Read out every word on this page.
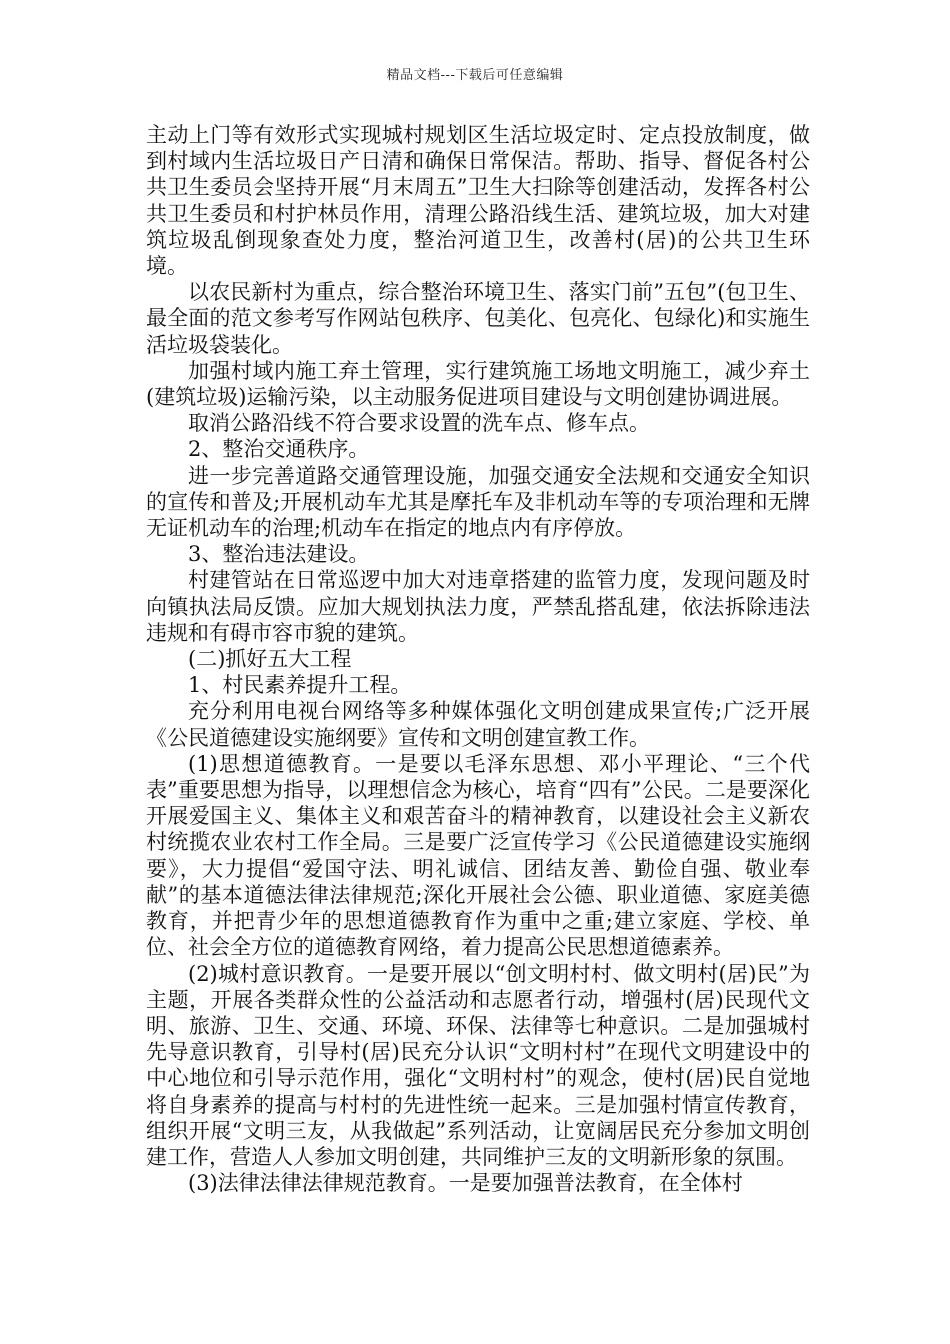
精品文档---下载后可任意编辑

主动上门等有效形式实现城村规划区生活垃圾定时、定点投放制度，做到村域内生活垃圾日产日清和确保日常保洁。帮助、指导、督促各村公共卫生委员会坚持开展“月末周五”卫生大扫除等创建活动，发挥各村公共卫生委员和村护林员作用，清理公路沿线生活、建筑垃圾，加大对建筑垃圾乱倒现象查处力度，整治河道卫生，改善村(居)的公共卫生环境。

以农民新村为重点，综合整治环境卫生、落实门前”五包”(包卫生、最全面的范文参考写作网站包秩序、包美化、包亮化、包绿化)和实施生活垃圾袋装化。

加强村域内施工弃土管理，实行建筑施工场地文明施工，减少弃土(建筑垃圾)运输污染，以主动服务促进项目建设与文明创建协调进展。

取消公路沿线不符合要求设置的洗车点、修车点。

2、整治交通秩序。

进一步完善道路交通管理设施，加强交通安全法规和交通安全知识的宣传和普及;开展机动车尤其是摩托车及非机动车等的专项治理和无牌无证机动车的治理;机动车在指定的地点内有序停放。

3、整治违法建设。

村建管站在日常巡逻中加大对违章搭建的监管力度，发现问题及时向镇执法局反馈。应加大规划执法力度，严禁乱搭乱建，依法拆除违法违规和有碍市容市貌的建筑。

(二)抓好五大工程

1、村民素养提升工程。

充分利用电视台网络等多种媒体强化文明创建成果宣传;广泛开展《公民道德建设实施纲要》宣传和文明创建宣教工作。

(1)思想道德教育。一是要以毛泽东思想、邓小平理论、“三个代表”重要思想为指导，以理想信念为核心，培育“四有”公民。二是要深化开展爱国主义、集体主义和艰苦奋斗的精神教育，以建设社会主义新农村统揽农业农村工作全局。三是要广泛宣传学习《公民道德建设实施纲要》，大力提倡“爱国守法、明礼诚信、团结友善、勤俭自强、敬业奉献”的基本道德法律法律规范;深化开展社会公德、职业道德、家庭美德教育，并把青少年的思想道德教育作为重中之重;建立家庭、学校、单位、社会全方位的道德教育网络，着力提高公民思想道德素养。

(2)城村意识教育。一是要开展以“创文明村村、做文明村(居)民”为主题，开展各类群众性的公益活动和志愿者行动，增强村(居)民现代文明、旅游、卫生、交通、环境、环保、法律等七种意识。二是加强城村先导意识教育，引导村(居)民充分认识“文明村村”在现代文明建设中的中心地位和引导示范作用，强化“文明村村”的观念，使村(居)民自觉地将自身素养的提高与村村的先进性统一起来。三是加强村情宣传教育，组织开展“文明三友，从我做起”系列活动，让宽阔居民充分参加文明创建工作，营造人人参加文明创建，共同维护三友的文明新形象的氛围。

(3)法律法律法律规范教育。一是要加强普法教育，在全体村
